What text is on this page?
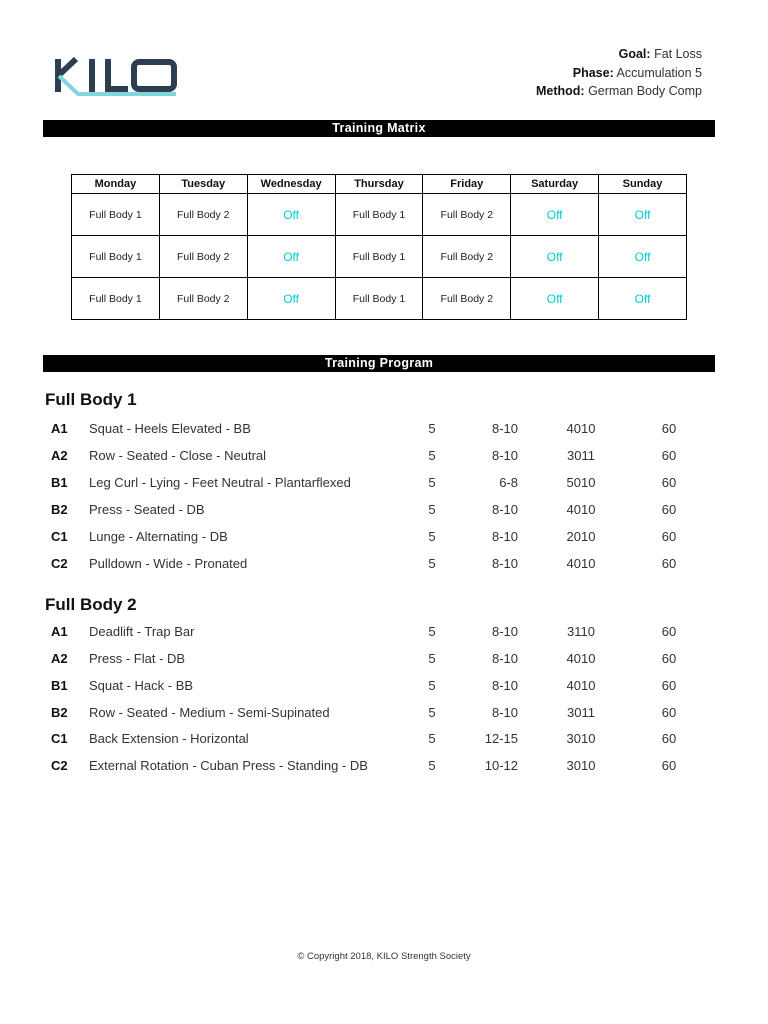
Goal: Fat Loss
Phase: Accumulation 5
Method: German Body Comp
Training Matrix
Monday	Tuesday	Wednesday	Thursday	Friday	Saturday	Sunday
Full Body 1	Full Body 2	Off	Full Body 1	Full Body 2	Off	Off
Full Body 1	Full Body 2	Off	Full Body 1	Full Body 2	Off	Off
Full Body 1	Full Body 2	Off	Full Body 1	Full Body 2	Off	Off
Training Program
Full Body 1
A1 Squat - Heels Elevated - BB	5	8-10	4010	60
A2 Row - Seated - Close - Neutral	5	8-10	3011	60
B1 Leg Curl - Lying - Feet Neutral - Plantarflexed	5	6-8	5010	60
B2 Press - Seated - DB	5	8-10	4010	60
C1 Lunge - Alternating - DB	5	8-10	2010	60
C2 Pulldown - Wide - Pronated	5	8-10	4010	60
Full Body 2
A1 Deadlift - Trap Bar	5	8-10	3110	60
A2 Press - Flat - DB	5	8-10	4010	60
B1 Squat - Hack - BB	5	8-10	4010	60
B2 Row - Seated - Medium - Semi-Supinated	5	8-10	3011	60
C1 Back Extension - Horizontal	5	12-15	3010	60
C2 External Rotation - Cuban Press - Standing - DB	5	10-12	3010	60
© Copyright 2018, KILO Strength Society
